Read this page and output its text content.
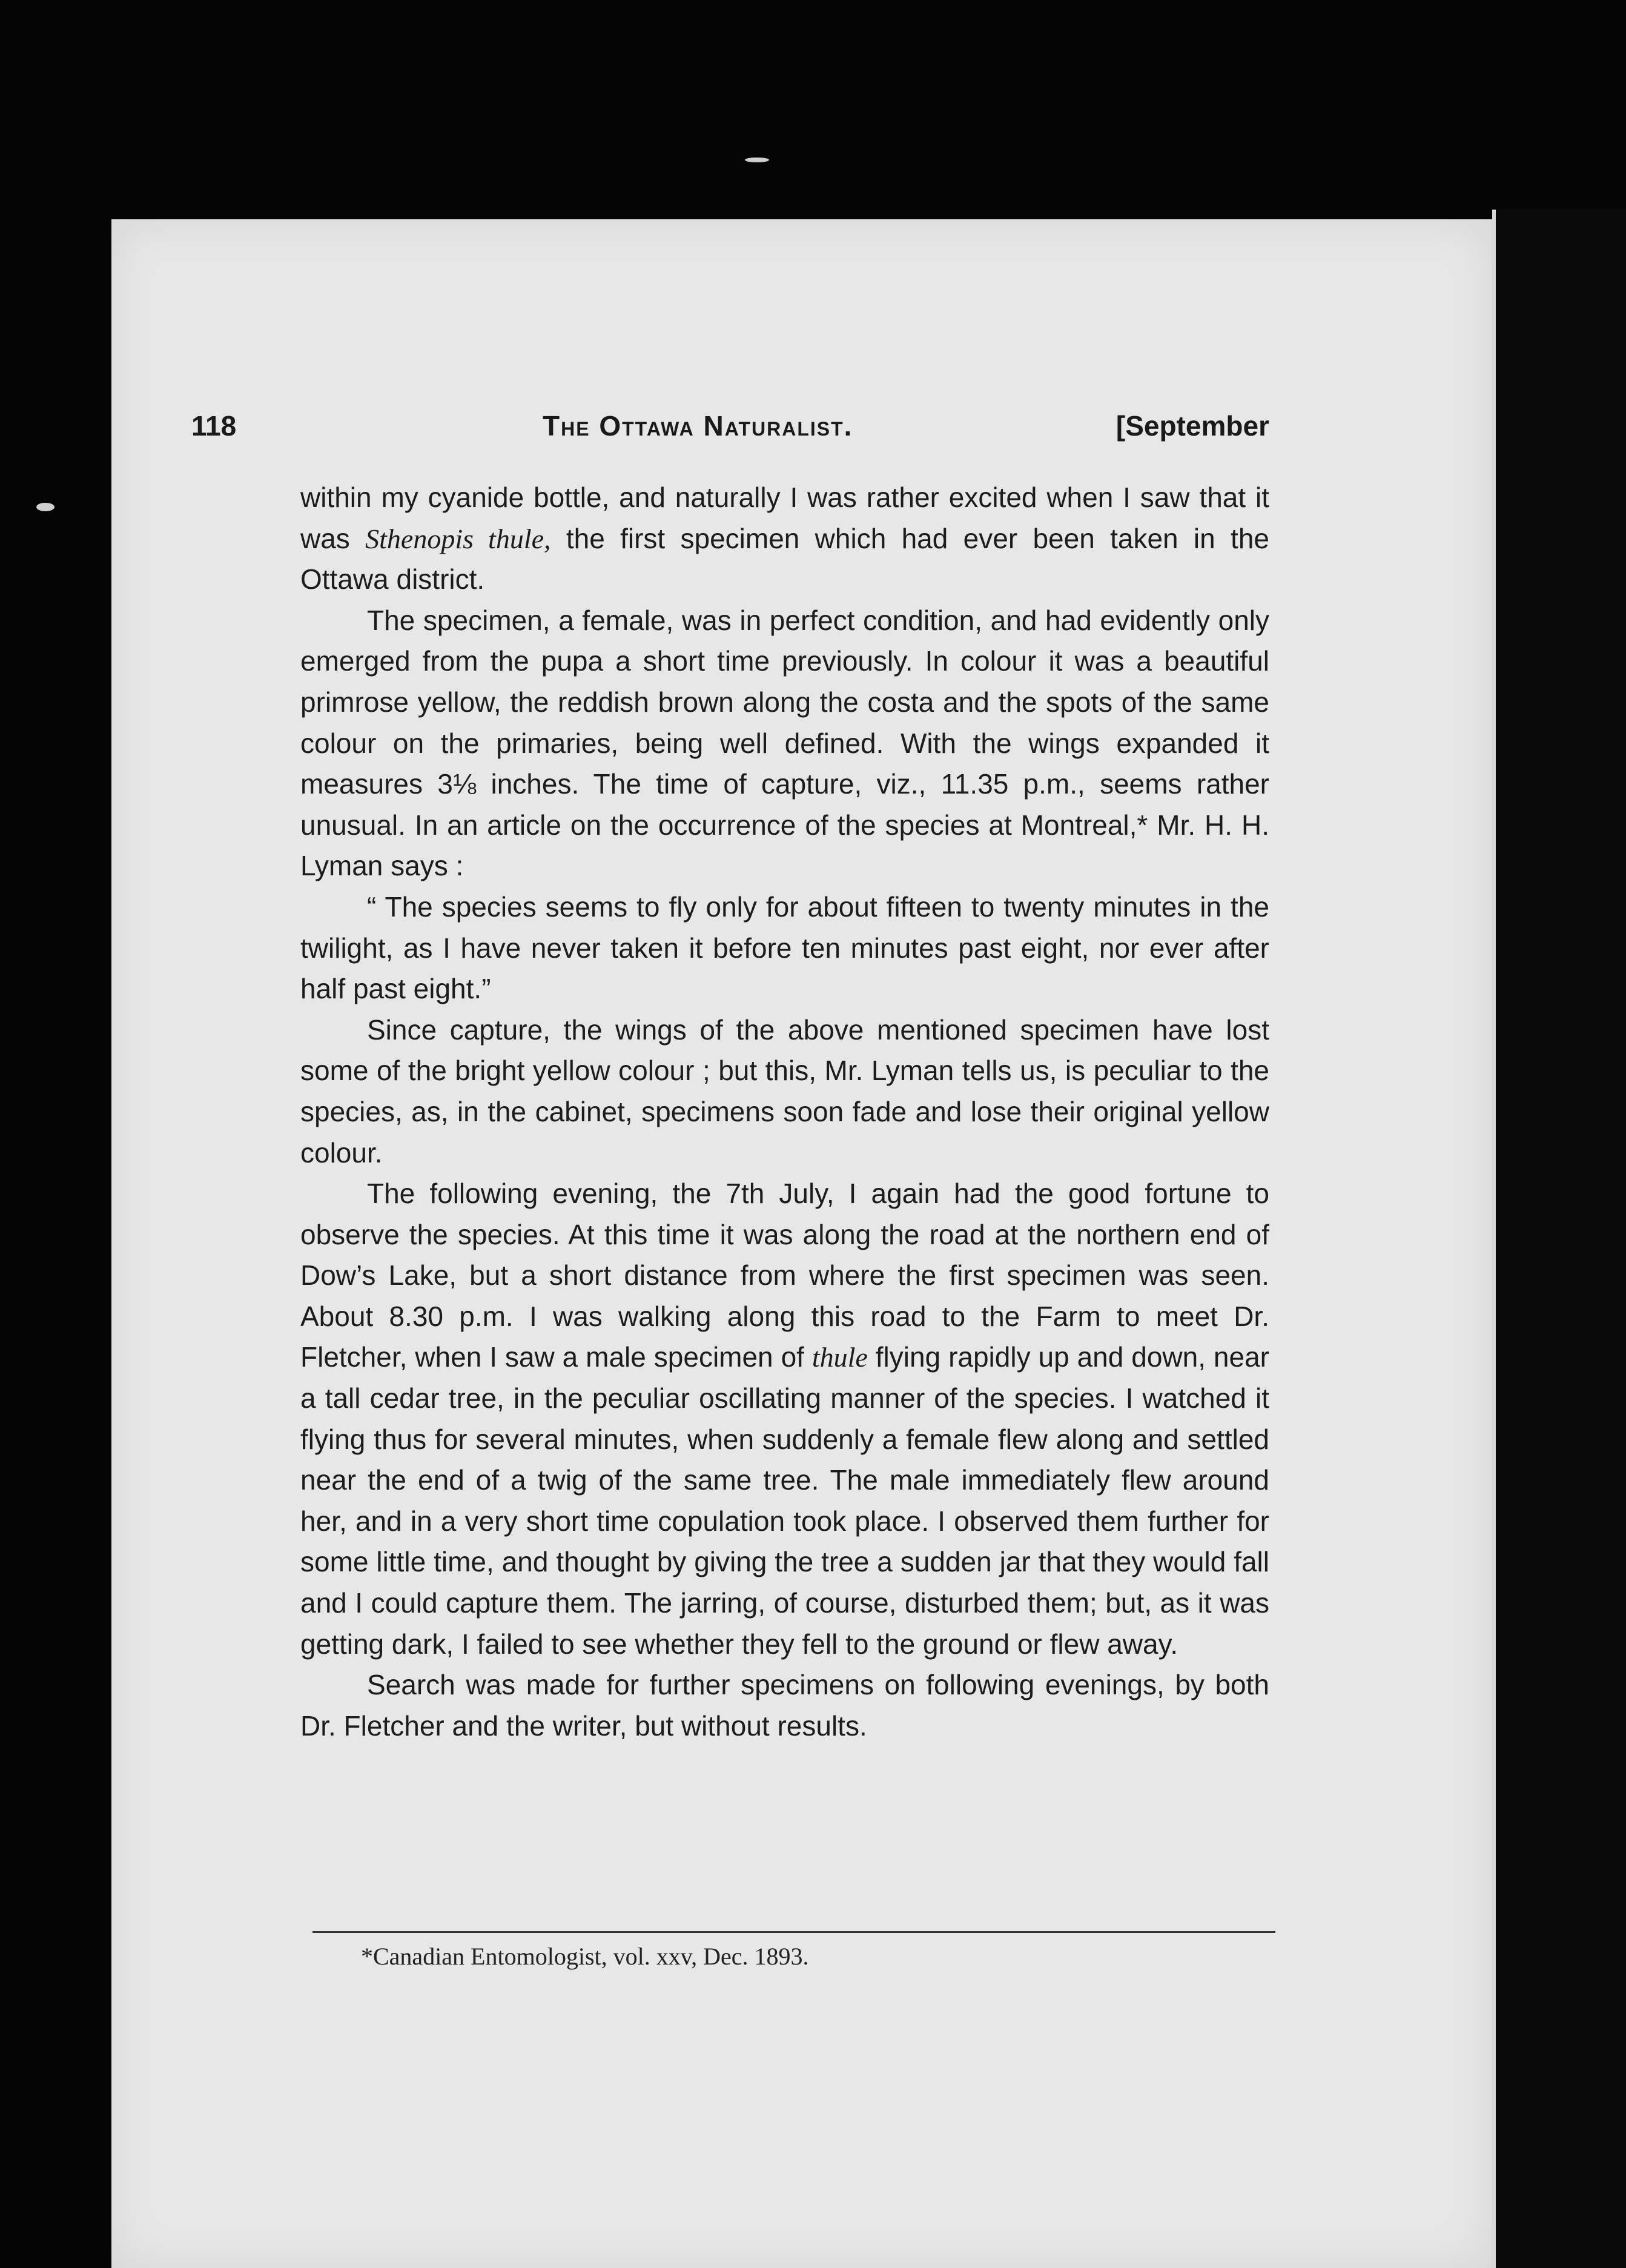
118	The Ottawa Naturalist.	[September

within my cyanide bottle, and naturally I was rather excited when I saw that it was Sthenopis thule, the first specimen which had ever been taken in the Ottawa district.

The specimen, a female, was in perfect condition, and had evidently only emerged from the pupa a short time previously. In colour it was a beautiful primrose yellow, the reddish brown along the costa and the spots of the same colour on the primaries, being well defined. With the wings expanded it measures 3⅛ inches. The time of capture, viz., 11.35 p.m., seems rather unusual. In an article on the occurrence of the species at Montreal,* Mr. H. H. Lyman says :

“ The species seems to fly only for about fifteen to twenty minutes in the twilight, as I have never taken it before ten minutes past eight, nor ever after half past eight.”

Since capture, the wings of the above mentioned specimen have lost some of the bright yellow colour ; but this, Mr. Lyman tells us, is peculiar to the species, as, in the cabinet, specimens soon fade and lose their original yellow colour.

The following evening, the 7th July, I again had the good fortune to observe the species. At this time it was along the road at the northern end of Dow’s Lake, but a short distance from where the first specimen was seen. About 8.30 p.m. I was walking along this road to the Farm to meet Dr. Fletcher, when I saw a male specimen of thule flying rapidly up and down, near a tall cedar tree, in the peculiar oscillating manner of the species. I watched it flying thus for several minutes, when suddenly a female flew along and settled near the end of a twig of the same tree. The male immediately flew around her, and in a very short time copulation took place. I observed them further for some little time, and thought by giving the tree a sudden jar that they would fall and I could capture them. The jarring, of course, disturbed them; but, as it was getting dark, I failed to see whether they fell to the ground or flew away.

Search was made for further specimens on following evenings, by both Dr. Fletcher and the writer, but without results.

*Canadian Entomologist, vol. xxv, Dec. 1893.
